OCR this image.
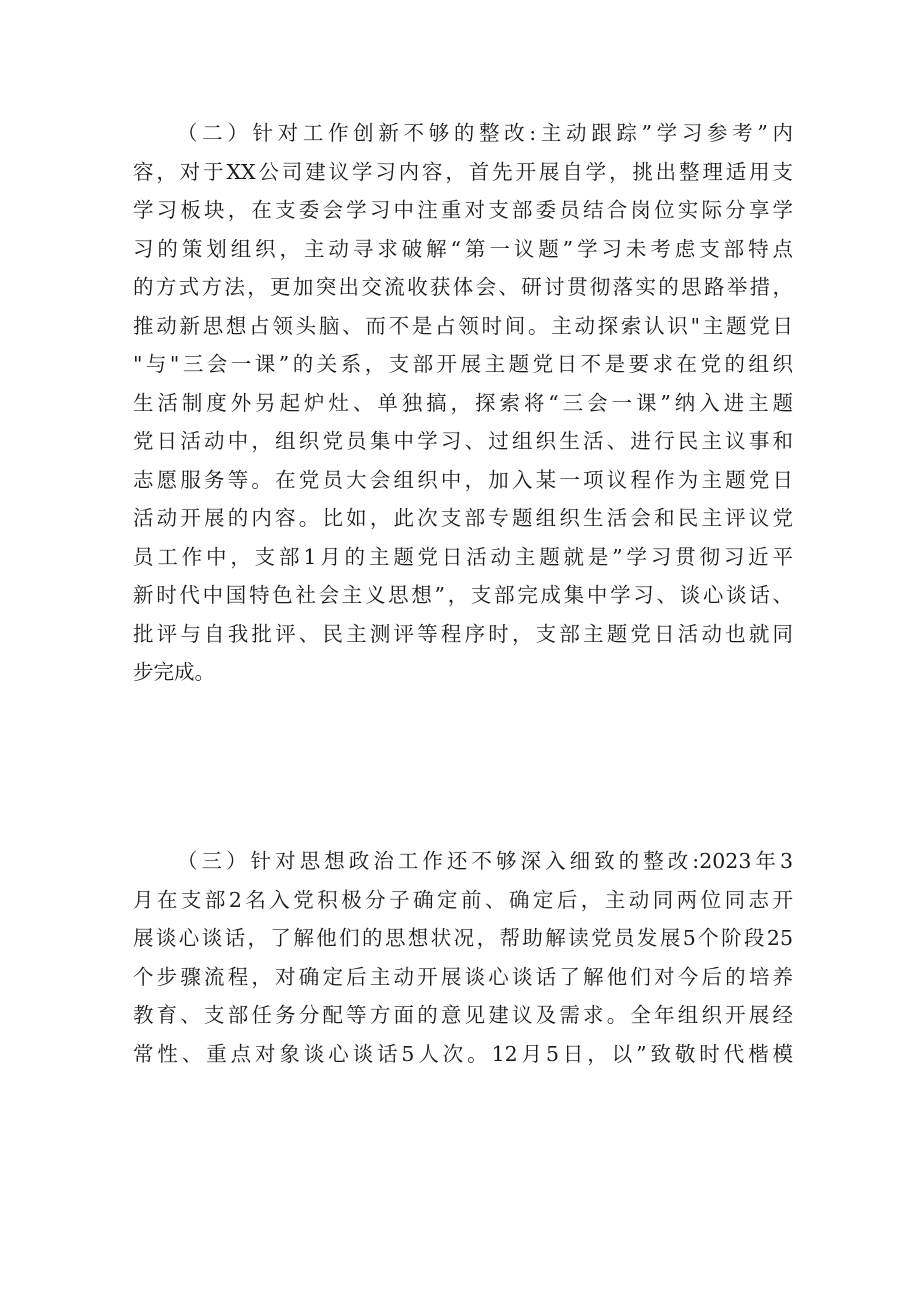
（二）针对工作创新不够的整改:主动跟踪”学习参考”内
容，对于XX公司建议学习内容，首先开展自学，挑出整理适用支
学习板块，在支委会学习中注重对支部委员结合岗位实际分享学
习的策划组织，主动寻求破解“第一议题”学习未考虑支部特点
的方式方法，更加突出交流收获体会、研讨贯彻落实的思路举措，
推动新思想占领头脑、而不是占领时间。主动探索认识"主题党日
"与"三会一课”的关系，支部开展主题党日不是要求在党的组织
生活制度外另起炉灶、单独搞，探索将“三会一课”纳入进主题
党日活动中，组织党员集中学习、过组织生活、进行民主议事和
志愿服务等。在党员大会组织中，加入某一项议程作为主题党日
活动开展的内容。比如，此次支部专题组织生活会和民主评议党
员工作中，支部1月的主题党日活动主题就是”学习贯彻习近平
新时代中国特色社会主义思想”，支部完成集中学习、谈心谈话、
批评与自我批评、民主测评等程序时，支部主题党日活动也就同
步完成。
（三）针对思想政治工作还不够深入细致的整改:2023年3
月在支部2名入党积极分子确定前、确定后，主动同两位同志开
展谈心谈话，了解他们的思想状况，帮助解读党员发展5个阶段25
个步骤流程，对确定后主动开展谈心谈话了解他们对今后的培养
教育、支部任务分配等方面的意见建议及需求。全年组织开展经
常性、重点对象谈心谈话5人次。12月5日，以”致敬时代楷模
